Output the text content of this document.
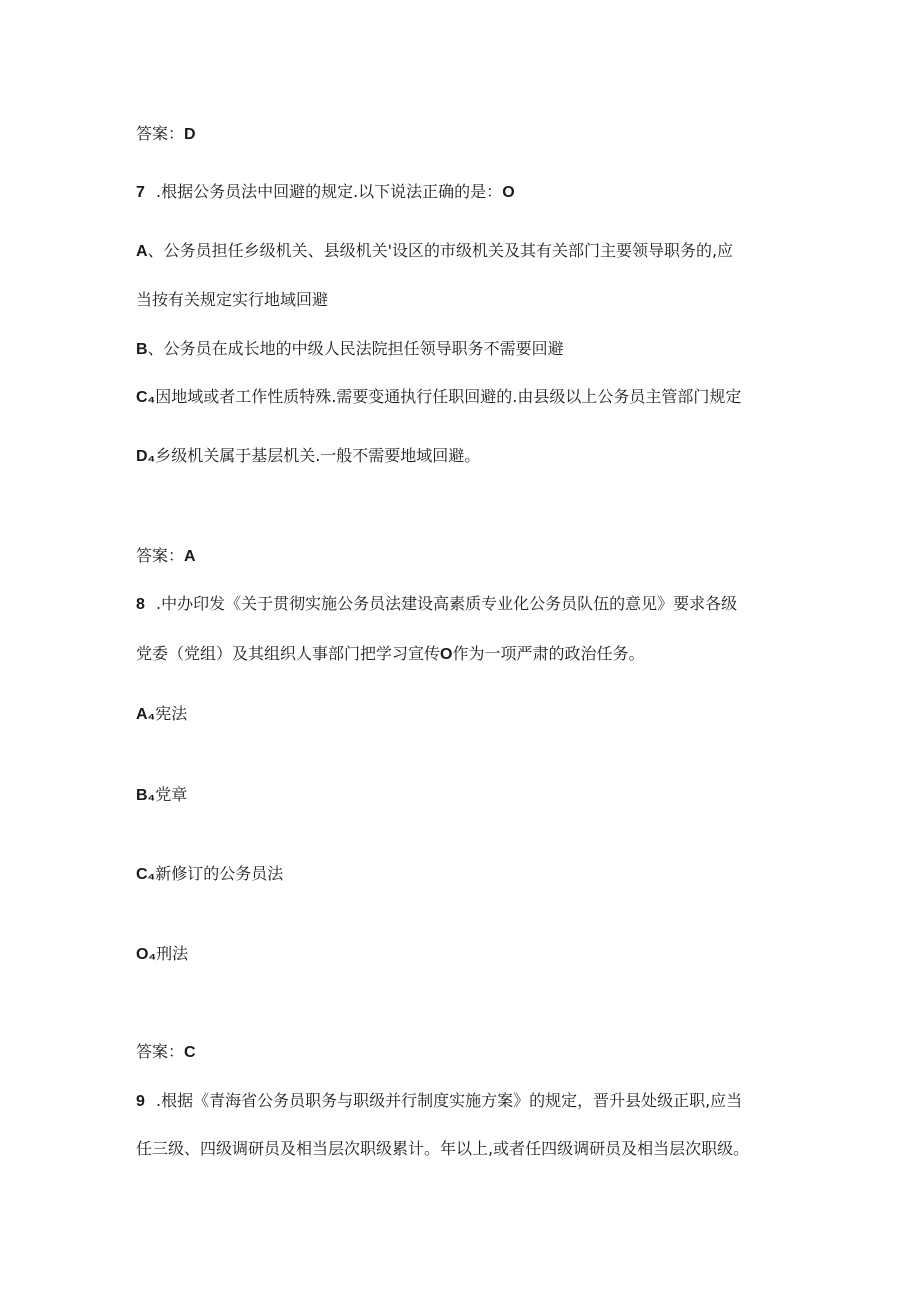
答案：D
7 .根据公务员法中回避的规定.以下说法正确的是：O
A、公务员担任乡级机关、县级机关'设区的市级机关及其有关部门主要领导职务的,应
当按有关规定实行地域回避
B、公务员在成长地的中级人民法院担任领导职务不需要回避
C₄因地域或者工作性质特殊.需要变通执行任职回避的.由县级以上公务员主管部门规定
D₄乡级机关属于基层机关.一般不需要地域回避。
答案：A
8 .中办印发《关于贯彻实施公务员法建设高素质专业化公务员队伍的意见》要求各级
党委（党组）及其组织人事部门把学习宣传O作为一项严肃的政治任务。
A₄宪法
B₄党章
C₄新修订的公务员法
O₄刑法
答案：C
9 .根据《青海省公务员职务与职级并行制度实施方案》的规定，晋升县处级正职,应当
任三级、四级调研员及相当层次职级累计。年以上,或者任四级调研员及相当层次职级。
